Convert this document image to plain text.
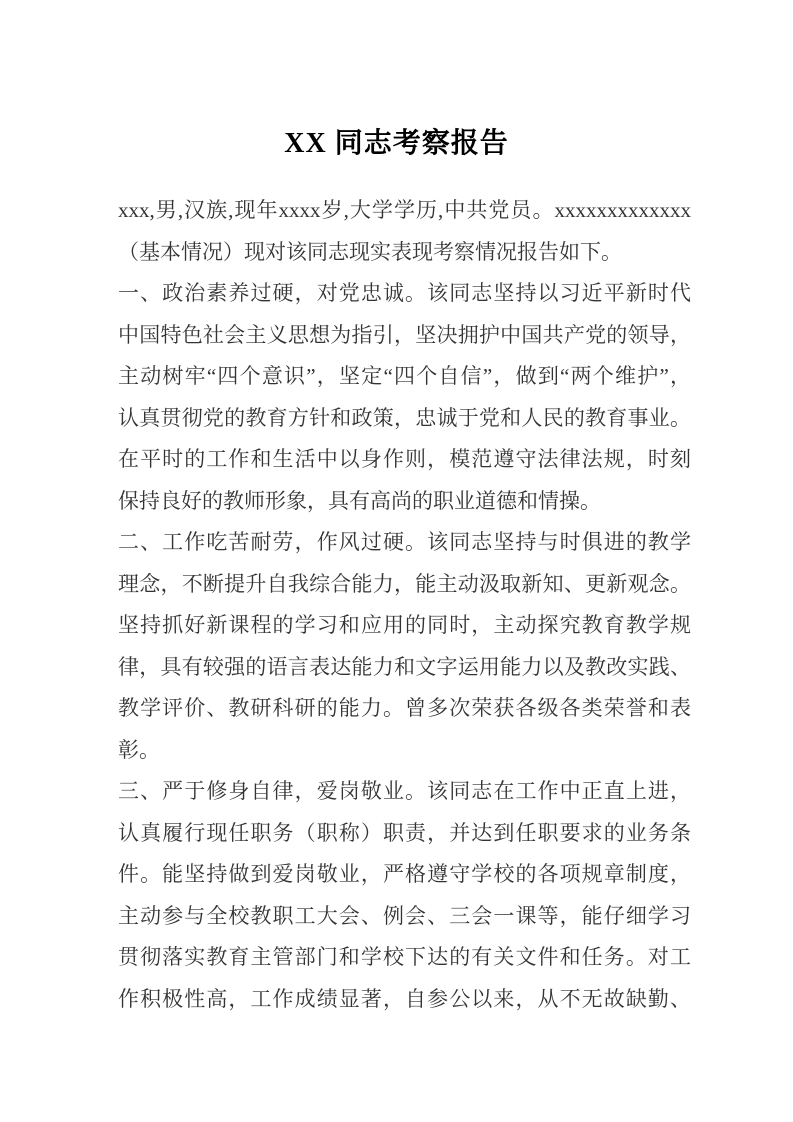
XX 同志考察报告

xxx,男,汉族,现年xxxx岁,大学学历,中共党员。xxxxxxxxxxxxx

（基本情况）现对该同志现实表现考察情况报告如下。

一、政治素养过硬，对党忠诚。该同志坚持以习近平新时代

中国特色社会主义思想为指引，坚决拥护中国共产党的领导，

主动树牢“四个意识”，坚定“四个自信”，做到“两个维护”，

认真贯彻党的教育方针和政策，忠诚于党和人民的教育事业。

在平时的工作和生活中以身作则，模范遵守法律法规，时刻

保持良好的教师形象，具有高尚的职业道德和情操。

二、工作吃苦耐劳，作风过硬。该同志坚持与时俱进的教学

理念，不断提升自我综合能力，能主动汲取新知、更新观念。

坚持抓好新课程的学习和应用的同时，主动探究教育教学规

律，具有较强的语言表达能力和文字运用能力以及教改实践、

教学评价、教研科研的能力。曾多次荣获各级各类荣誉和表

彰。

三、严于修身自律，爱岗敬业。该同志在工作中正直上进，

认真履行现任职务（职称）职责，并达到任职要求的业务条

件。能坚持做到爱岗敬业，严格遵守学校的各项规章制度，

主动参与全校教职工大会、例会、三会一课等，能仔细学习

贯彻落实教育主管部门和学校下达的有关文件和任务。对工

作积极性高，工作成绩显著，自参公以来，从不无故缺勤、
